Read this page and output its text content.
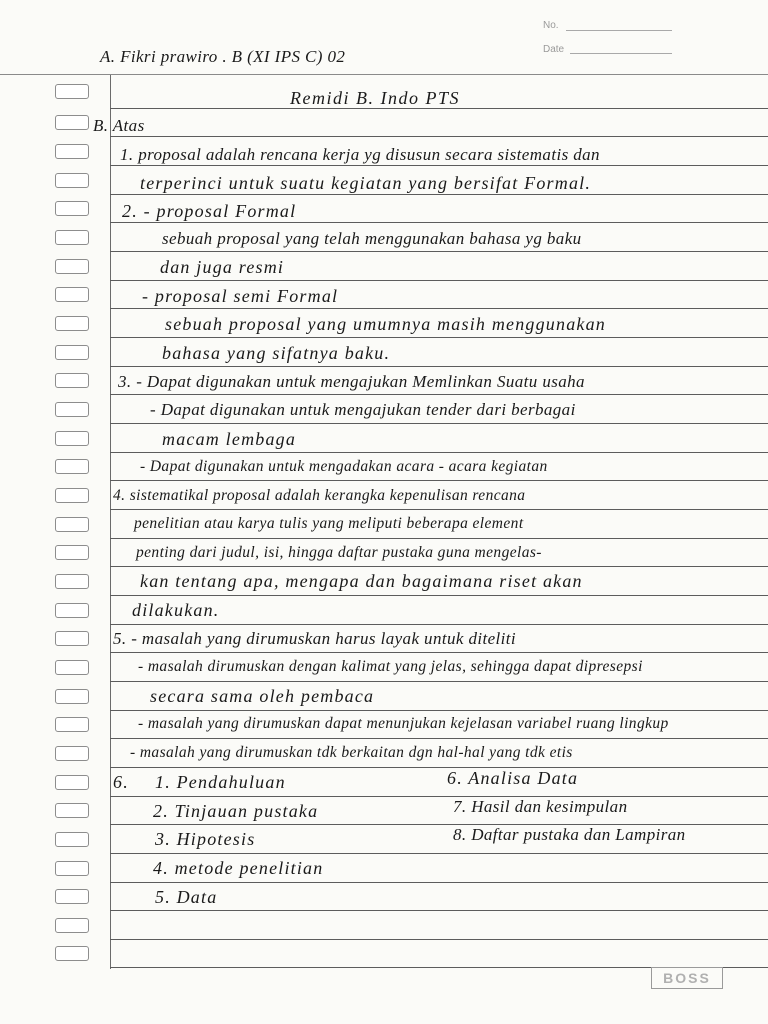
No.
Date
A. Fikri prawiro . B (XI IPS C) 02
Remidi B. Indo PTS
B. Atas
1. proposal adalah rencana kerja yg disusun secara sistematis dan
terperinci untuk suatu kegiatan yang bersifat Formal.
2. - proposal Formal
sebuah proposal yang telah menggunakan bahasa yg baku
dan juga resmi
- proposal semi Formal
sebuah proposal yang umumnya masih menggunakan
bahasa yang sifatnya baku.
3. - Dapat digunakan untuk mengajukan Memlinkan Suatu usaha
- Dapat digunakan untuk mengajukan tender dari berbagai
macam lembaga
- Dapat digunakan untuk mengadakan acara - acara kegiatan
4. sistematikal proposal adalah kerangka kepenulisan rencana
penelitian atau karya tulis yang meliputi beberapa element
penting dari judul, isi, hingga daftar pustaka guna mengelas-
kan tentang apa, mengapa dan bagaimana riset akan
dilakukan.
5. - masalah yang dirumuskan harus layak untuk diteliti
- masalah dirumuskan dengan kalimat yang jelas, sehingga dapat dipresepsi
secara sama oleh pembaca
- masalah yang dirumuskan dapat menunjukan kejelasan variabel ruang lingkup
- masalah yang dirumuskan tdk berkaitan dgn hal-hal yang tdk etis
6. 1. Pendahuluan
2. Tinjauan pustaka
3. Hipotesis
4. metode penelitian
5. Data
6. Analisa Data
7. Hasil dan kesimpulan
8. Daftar pustaka dan Lampiran
BOSS
